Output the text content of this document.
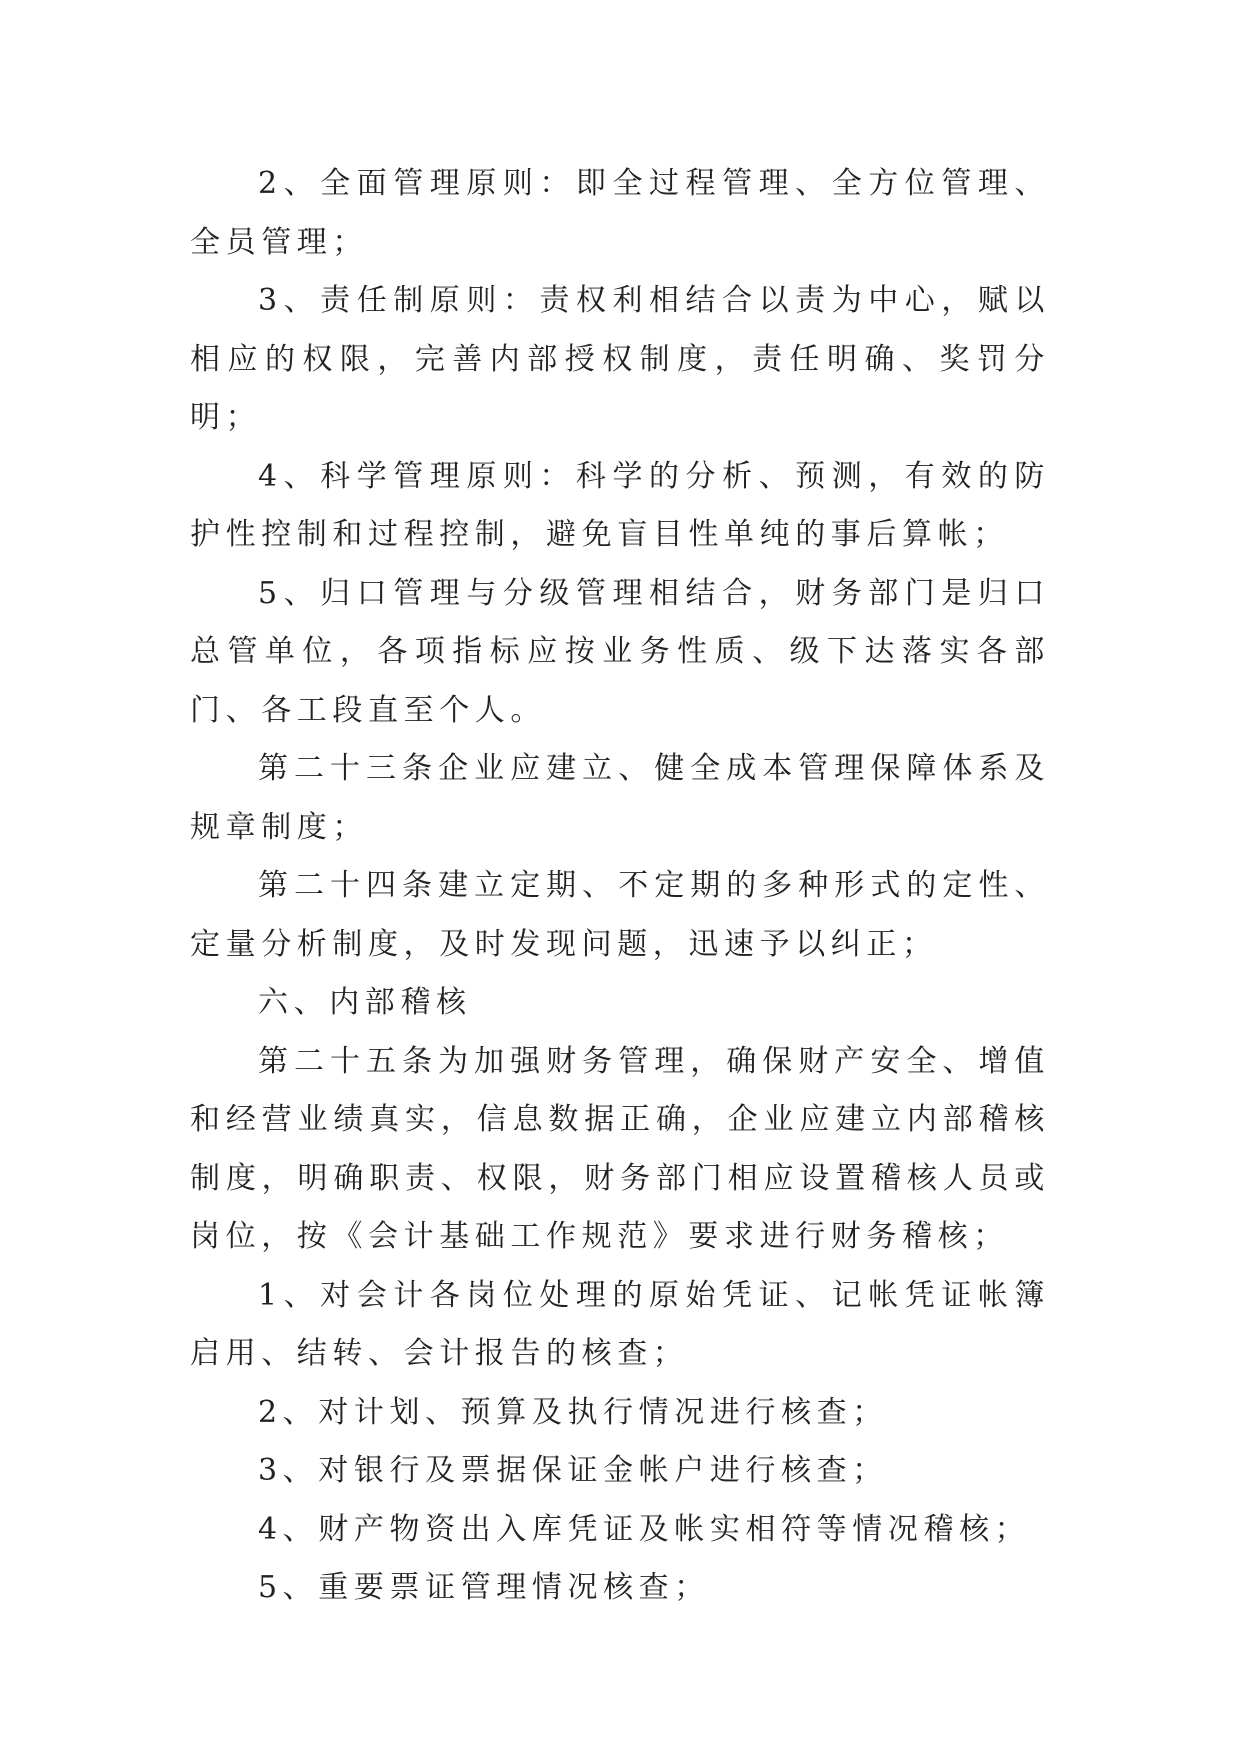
2、全面管理原则：即全过程管理、全方位管理、全员管理；

3、责任制原则：责权利相结合以责为中心，赋以相应的权限，完善内部授权制度，责任明确、奖罚分明；

4、科学管理原则：科学的分析、预测，有效的防护性控制和过程控制，避免盲目性单纯的事后算帐；

5、归口管理与分级管理相结合，财务部门是归口总管单位，各项指标应按业务性质、级下达落实各部门、各工段直至个人。

第二十三条企业应建立、健全成本管理保障体系及规章制度；

第二十四条建立定期、不定期的多种形式的定性、定量分析制度，及时发现问题，迅速予以纠正；

六、内部稽核

第二十五条为加强财务管理，确保财产安全、增值和经营业绩真实，信息数据正确，企业应建立内部稽核制度，明确职责、权限，财务部门相应设置稽核人员或岗位，按《会计基础工作规范》要求进行财务稽核；

1、对会计各岗位处理的原始凭证、记帐凭证帐簿启用、结转、会计报告的核查；

2、对计划、预算及执行情况进行核查；

3、对银行及票据保证金帐户进行核查；

4、财产物资出入库凭证及帐实相符等情况稽核；

5、重要票证管理情况核查；
